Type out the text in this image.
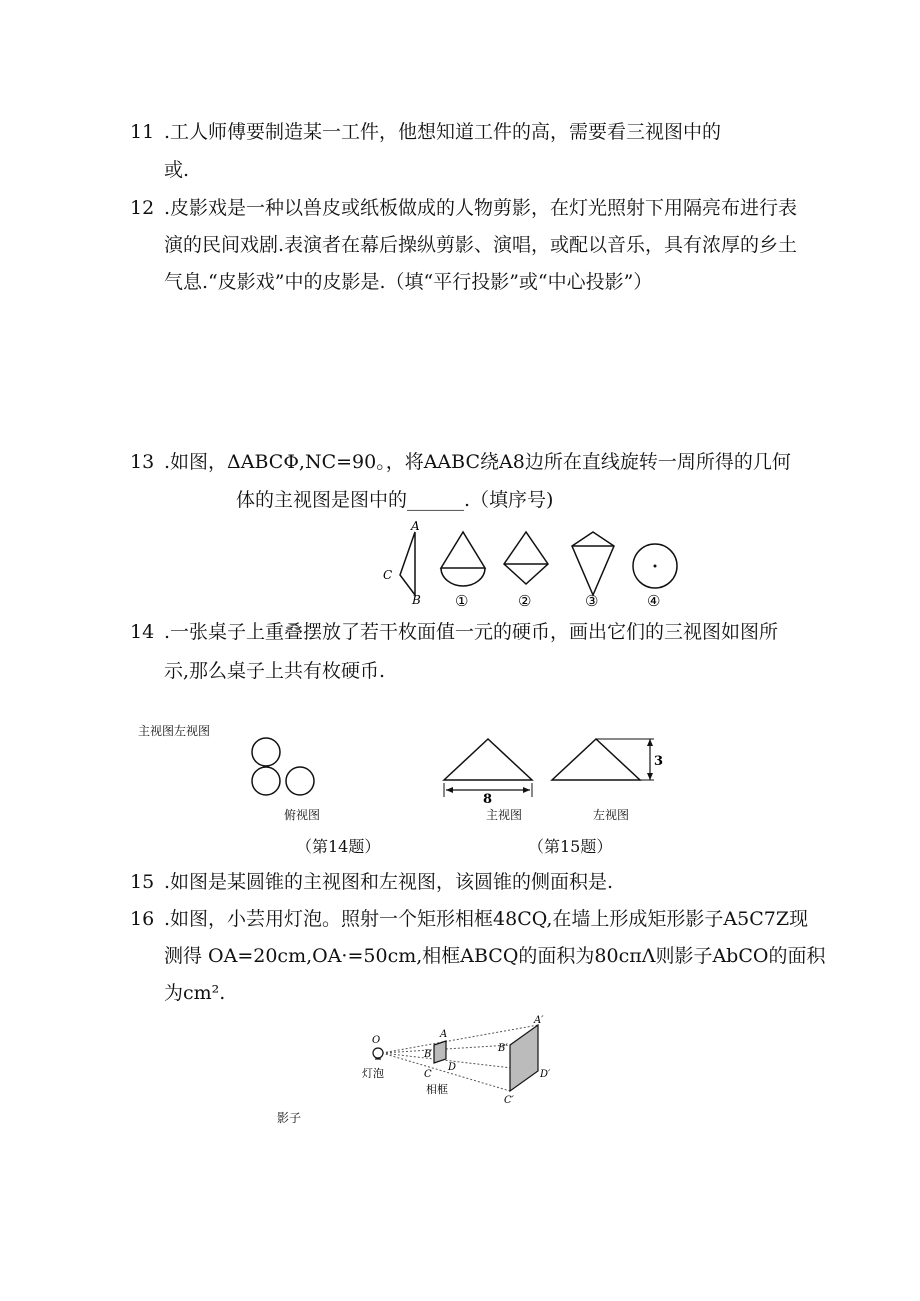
11 .工人师傅要制造某一工件，他想知道工件的高，需要看三视图中的
或.
12 .皮影戏是一种以兽皮或纸板做成的人物剪影，在灯光照射下用隔亮布进行表
演的民间戏剧.表演者在幕后操纵剪影、演唱，或配以音乐，具有浓厚的乡土
气息.“皮影戏”中的皮影是.（填“平行投影”或“中心投影”）
13 .如图，ΔABCΦ,NC=90。，将AABC绕A8边所在直线旋转一周所得的几何
体的主视图是图中的______.（填序号)
A
C
B ①	②	③	④
14 .一张桌子上重叠摆放了若干枚面值一元的硬币，画出它们的三视图如图所
示,那么桌子上共有枚硬币.
主视图左视图
俯视图
（第14题）
8
3
主视图	左视图
（第15题）
15 .如图是某圆锥的主视图和左视图，该圆锥的侧面积是.
16 .如图，小芸用灯泡。照射一个矩形相框48CQ,在墙上形成矩形影子A5C7Z现
测得 OA=20cm,OA·=50cm,相框ABCQ的面积为80cπΛ则影子AbCO的面积
为cm².
O
灯泡
A
B
C
D
相框
A′
B′
C′
D′
影子
